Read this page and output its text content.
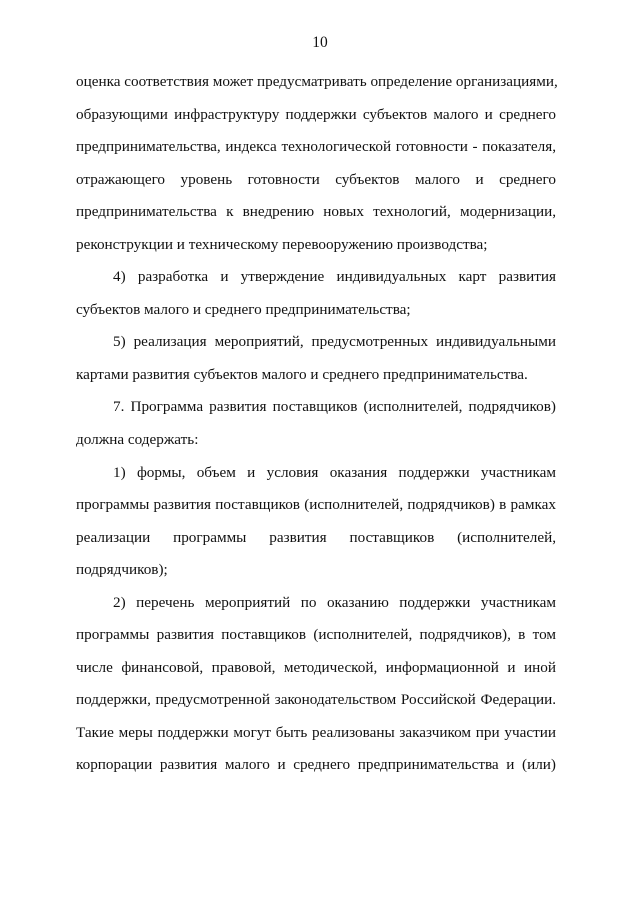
10
оценка соответствия может предусматривать определение организациями,
образующими инфраструктуру поддержки субъектов малого и среднего
предпринимательства, индекса технологической готовности - показателя,
отражающего уровень готовности субъектов малого и среднего
предпринимательства к внедрению новых технологий, модернизации,
реконструкции и техническому перевооружению производства;
4) разработка и утверждение индивидуальных карт развития
субъектов малого и среднего предпринимательства;
5) реализация мероприятий, предусмотренных индивидуальными
картами развития субъектов малого и среднего предпринимательства.
7. Программа развития поставщиков (исполнителей, подрядчиков)
должна содержать:
1) формы, объем и условия оказания поддержки участникам
программы развития поставщиков (исполнителей, подрядчиков) в рамках
реализации программы развития поставщиков (исполнителей,
подрядчиков);
2) перечень мероприятий по оказанию поддержки участникам
программы развития поставщиков (исполнителей, подрядчиков), в том
числе финансовой, правовой, методической, информационной и иной
поддержки, предусмотренной законодательством Российской Федерации.
Такие меры поддержки могут быть реализованы заказчиком при участии
корпорации развития малого и среднего предпринимательства и (или)
